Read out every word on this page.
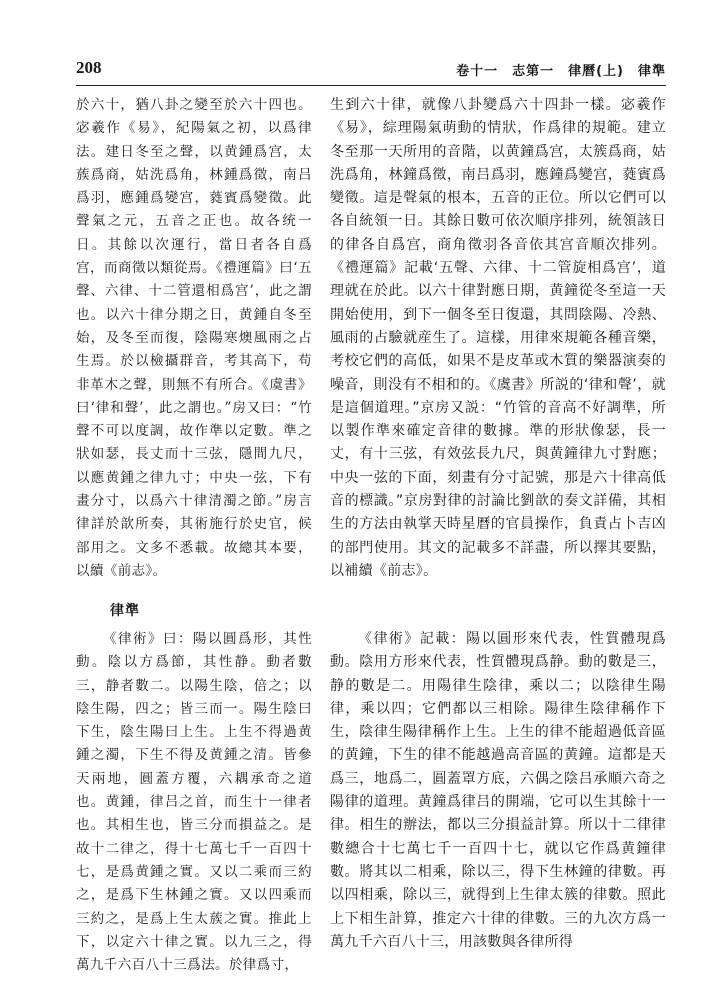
208	卷十一　志第一　律曆(上)　律準

於六十，猶八卦之變至於六十四也。宓羲作《易》，紀陽氣之初，以爲律法。建日冬至之聲，以黄鍾爲宫，太蔟爲商，姑洗爲角，林鍾爲徵，南吕爲羽，應鍾爲變宫，蕤賓爲變徵。此聲氣之元，五音之正也。故各统一日。其餘以次運行，當日者各自爲宫，而商徵以類從焉。《禮運篇》曰‘五聲、六律、十二管還相爲宫’，此之謂也。以六十律分期之日，黄鍾自冬至始，及冬至而復，陰陽寒燠風雨之占生焉。於以檢攝群音，考其高下，苟非革木之聲，則無不有所合。《虞書》曰‘律和聲’，此之謂也。”房又曰：“竹聲不可以度調，故作準以定數。準之狀如瑟，長丈而十三弦，隱間九尺，以應黄鍾之律九寸；中央一弦，下有畫分寸，以爲六十律清濁之節。”房言律詳於歆所奏，其術施行於史官，候部用之。文多不悉載。故總其本要，以續《前志》。

生到六十律，就像八卦變爲六十四卦一樣。宓羲作《易》，綜理陽氣萌動的情狀，作爲律的規範。建立冬至那一天所用的音階，以黄鐘爲宫，太簇爲商，姑洗爲角，林鐘爲徵，南吕爲羽，應鐘爲變宫，蕤賓爲變徵。這是聲氣的根本，五音的正位。所以它們可以各自統領一日。其餘日數可依次順序排列，統領該日的律各自爲宫，商角徵羽各音依其宫音順次排列。《禮運篇》記載‘五聲、六律、十二管旋相爲宫’，道理就在於此。以六十律對應日期，黄鐘從冬至這一天開始使用，到下一個冬至日復還，其問陰陽、冷熱、風雨的占驗就産生了。這樣，用律來規範各種音樂，考校它們的高低，如果不是皮革或木質的樂器演奏的噪音，則没有不相和的。《虞書》所説的‘律和聲’，就是這個道理。”京房又説：“竹管的音高不好調準，所以製作準來確定音律的數據。準的形狀像瑟，長一丈，有十三弦，有效弦長九尺，與黄鐘律九寸對應；中央一弦的下面，刻畫有分寸記號，那是六十律高低音的標識。”京房對律的討論比劉歆的奏文詳備，其相生的方法由執掌天時星曆的官員操作，負責占卜吉凶的部門使用。其文的記載多不詳盡，所以擇其要點，以補續《前志》。

律準

《律術》曰：陽以圓爲形，其性動。陰以方爲節，其性静。動者數三，静者數二。以陽生陰，倍之；以陰生陽，四之；皆三而一。陽生陰曰下生，陰生陽曰上生。上生不得過黄鍾之濁，下生不得及黄鍾之清。皆參天兩地，圓蓋方覆，六耦承奇之道也。黄鍾，律吕之首，而生十一律者也。其相生也，皆三分而損益之。是故十二律之，得十七萬七千一百四十七，是爲黄鍾之實。又以二乘而三約之，是爲下生林鍾之實。又以四乘而三約之，是爲上生太蔟之實。推此上下，以定六十律之實。以九三之，得萬九千六百八十三爲法。於律爲寸，

《律術》記載：陽以圓形來代表，性質體現爲動。陰用方形來代表，性質體現爲静。動的數是三，静的數是二。用陽律生陰律，乘以二；以陰律生陽律，乘以四；它們都以三相除。陽律生陰律稱作下生，陰律生陽律稱作上生。上生的律不能超過低音區的黄鐘，下生的律不能越過高音區的黄鐘。這都是天爲三，地爲二，圓蓋罩方底，六偶之陰吕承順六奇之陽律的道理。黄鐘爲律吕的開端，它可以生其餘十一律。相生的辦法，都以三分損益計算。所以十二律律數總合十七萬七千一百四十七，就以它作爲黄鐘律數。將其以二相乘，除以三，得下生林鐘的律數。再以四相乘，除以三，就得到上生律太簇的律數。照此上下相生計算，推定六十律的律數。三的九次方爲一萬九千六百八十三，用該數與各律所得
